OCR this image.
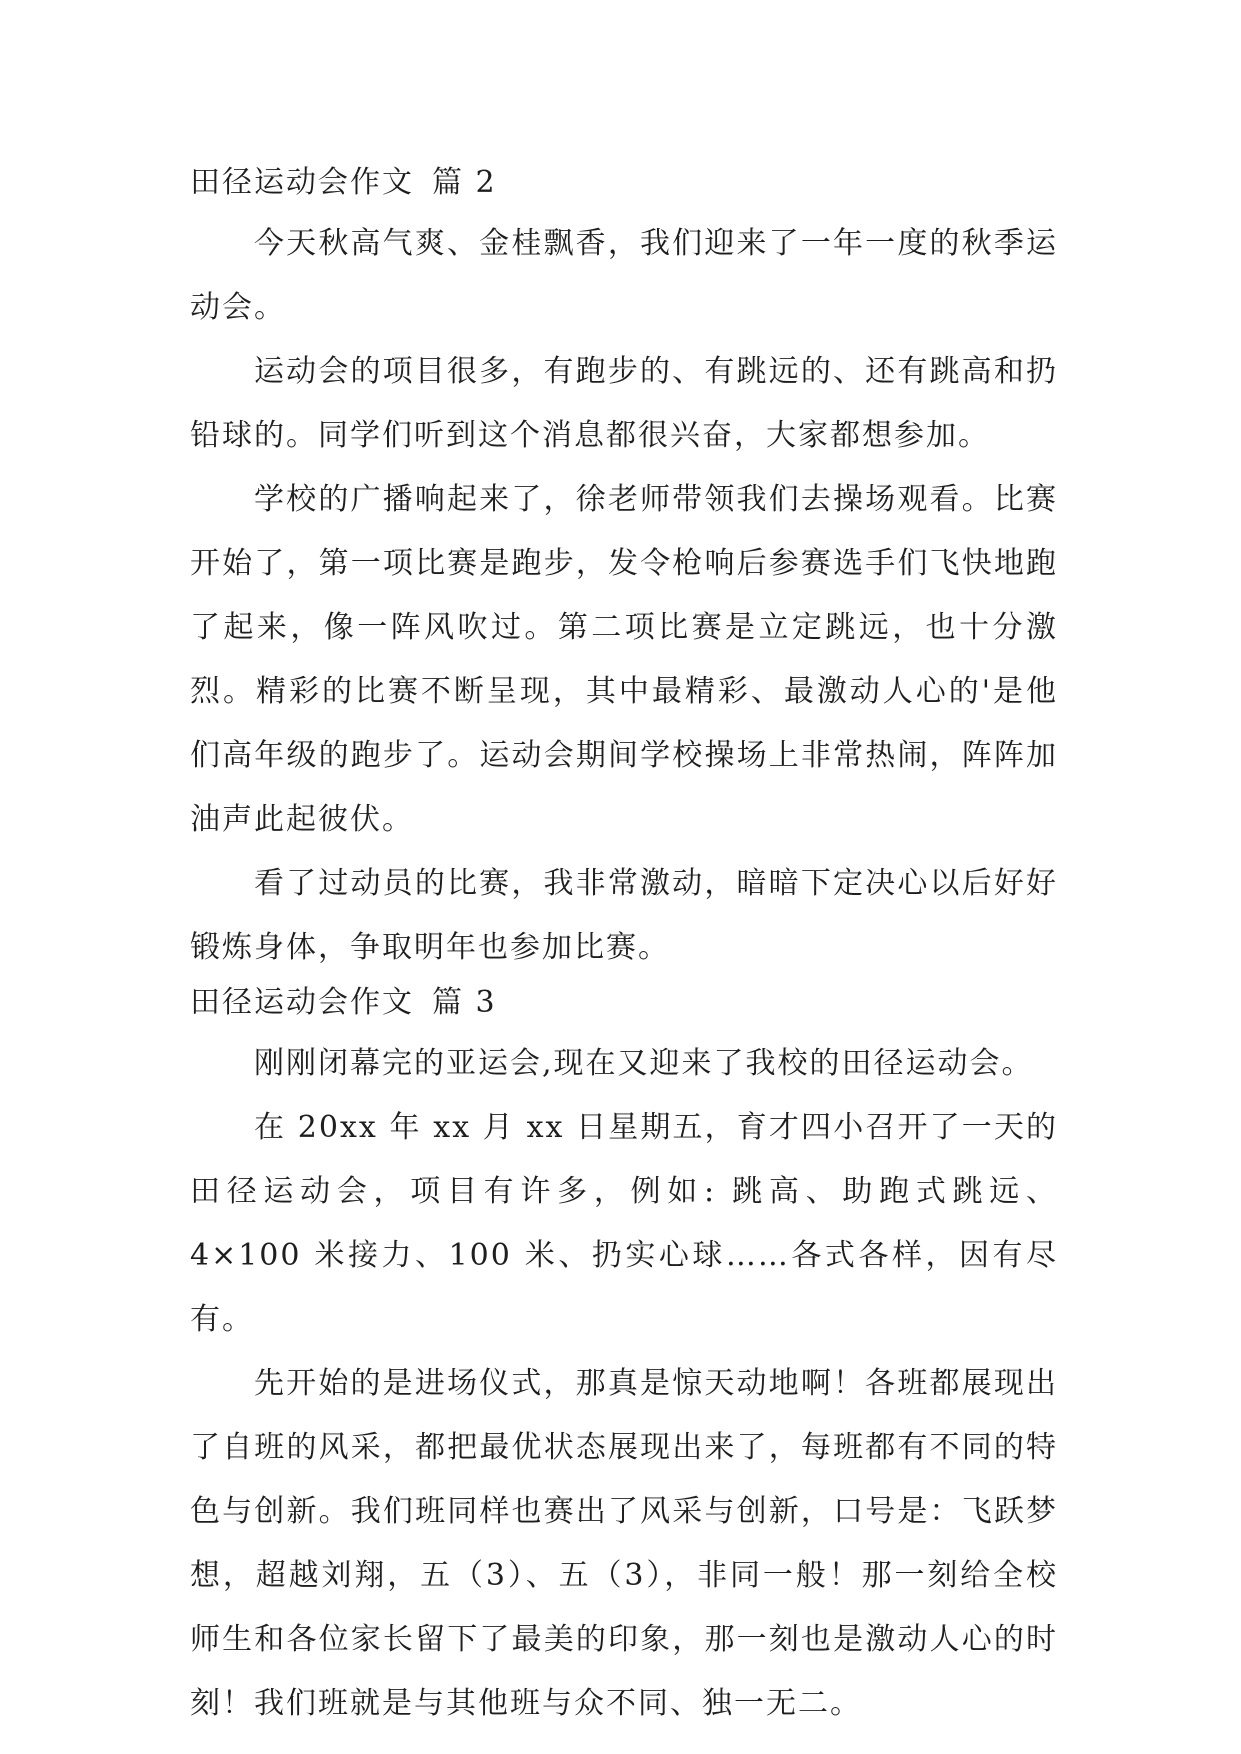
田径运动会作文 篇 2

今天秋高气爽、金桂飘香，我们迎来了一年一度的秋季运动会。

运动会的项目很多，有跑步的、有跳远的、还有跳高和扔铅球的。同学们听到这个消息都很兴奋，大家都想参加。

学校的广播响起来了，徐老师带领我们去操场观看。比赛开始了，第一项比赛是跑步，发令枪响后参赛选手们飞快地跑了起来，像一阵风吹过。第二项比赛是立定跳远，也十分激烈。精彩的比赛不断呈现，其中最精彩、最激动人心的'是他们高年级的跑步了。运动会期间学校操场上非常热闹，阵阵加油声此起彼伏。

看了过动员的比赛，我非常激动，暗暗下定决心以后好好锻炼身体，争取明年也参加比赛。

田径运动会作文 篇 3

刚刚闭幕完的亚运会,现在又迎来了我校的田径运动会。

在 20xx 年 xx 月 xx 日星期五，育才四小召开了一天的田径运动会，项目有许多，例如: 跳高、助跑式跳远、4×100 米接力、100 米、扔实心球……各式各样，因有尽有。

先开始的是进场仪式，那真是惊天动地啊！各班都展现出了自班的风采，都把最优状态展现出来了，每班都有不同的特色与创新。我们班同样也赛出了风采与创新，口号是：飞跃梦想，超越刘翔，五（3）、五（3），非同一般！那一刻给全校师生和各位家长留下了最美的印象，那一刻也是激动人心的时刻！我们班就是与其他班与众不同、独一无二。
